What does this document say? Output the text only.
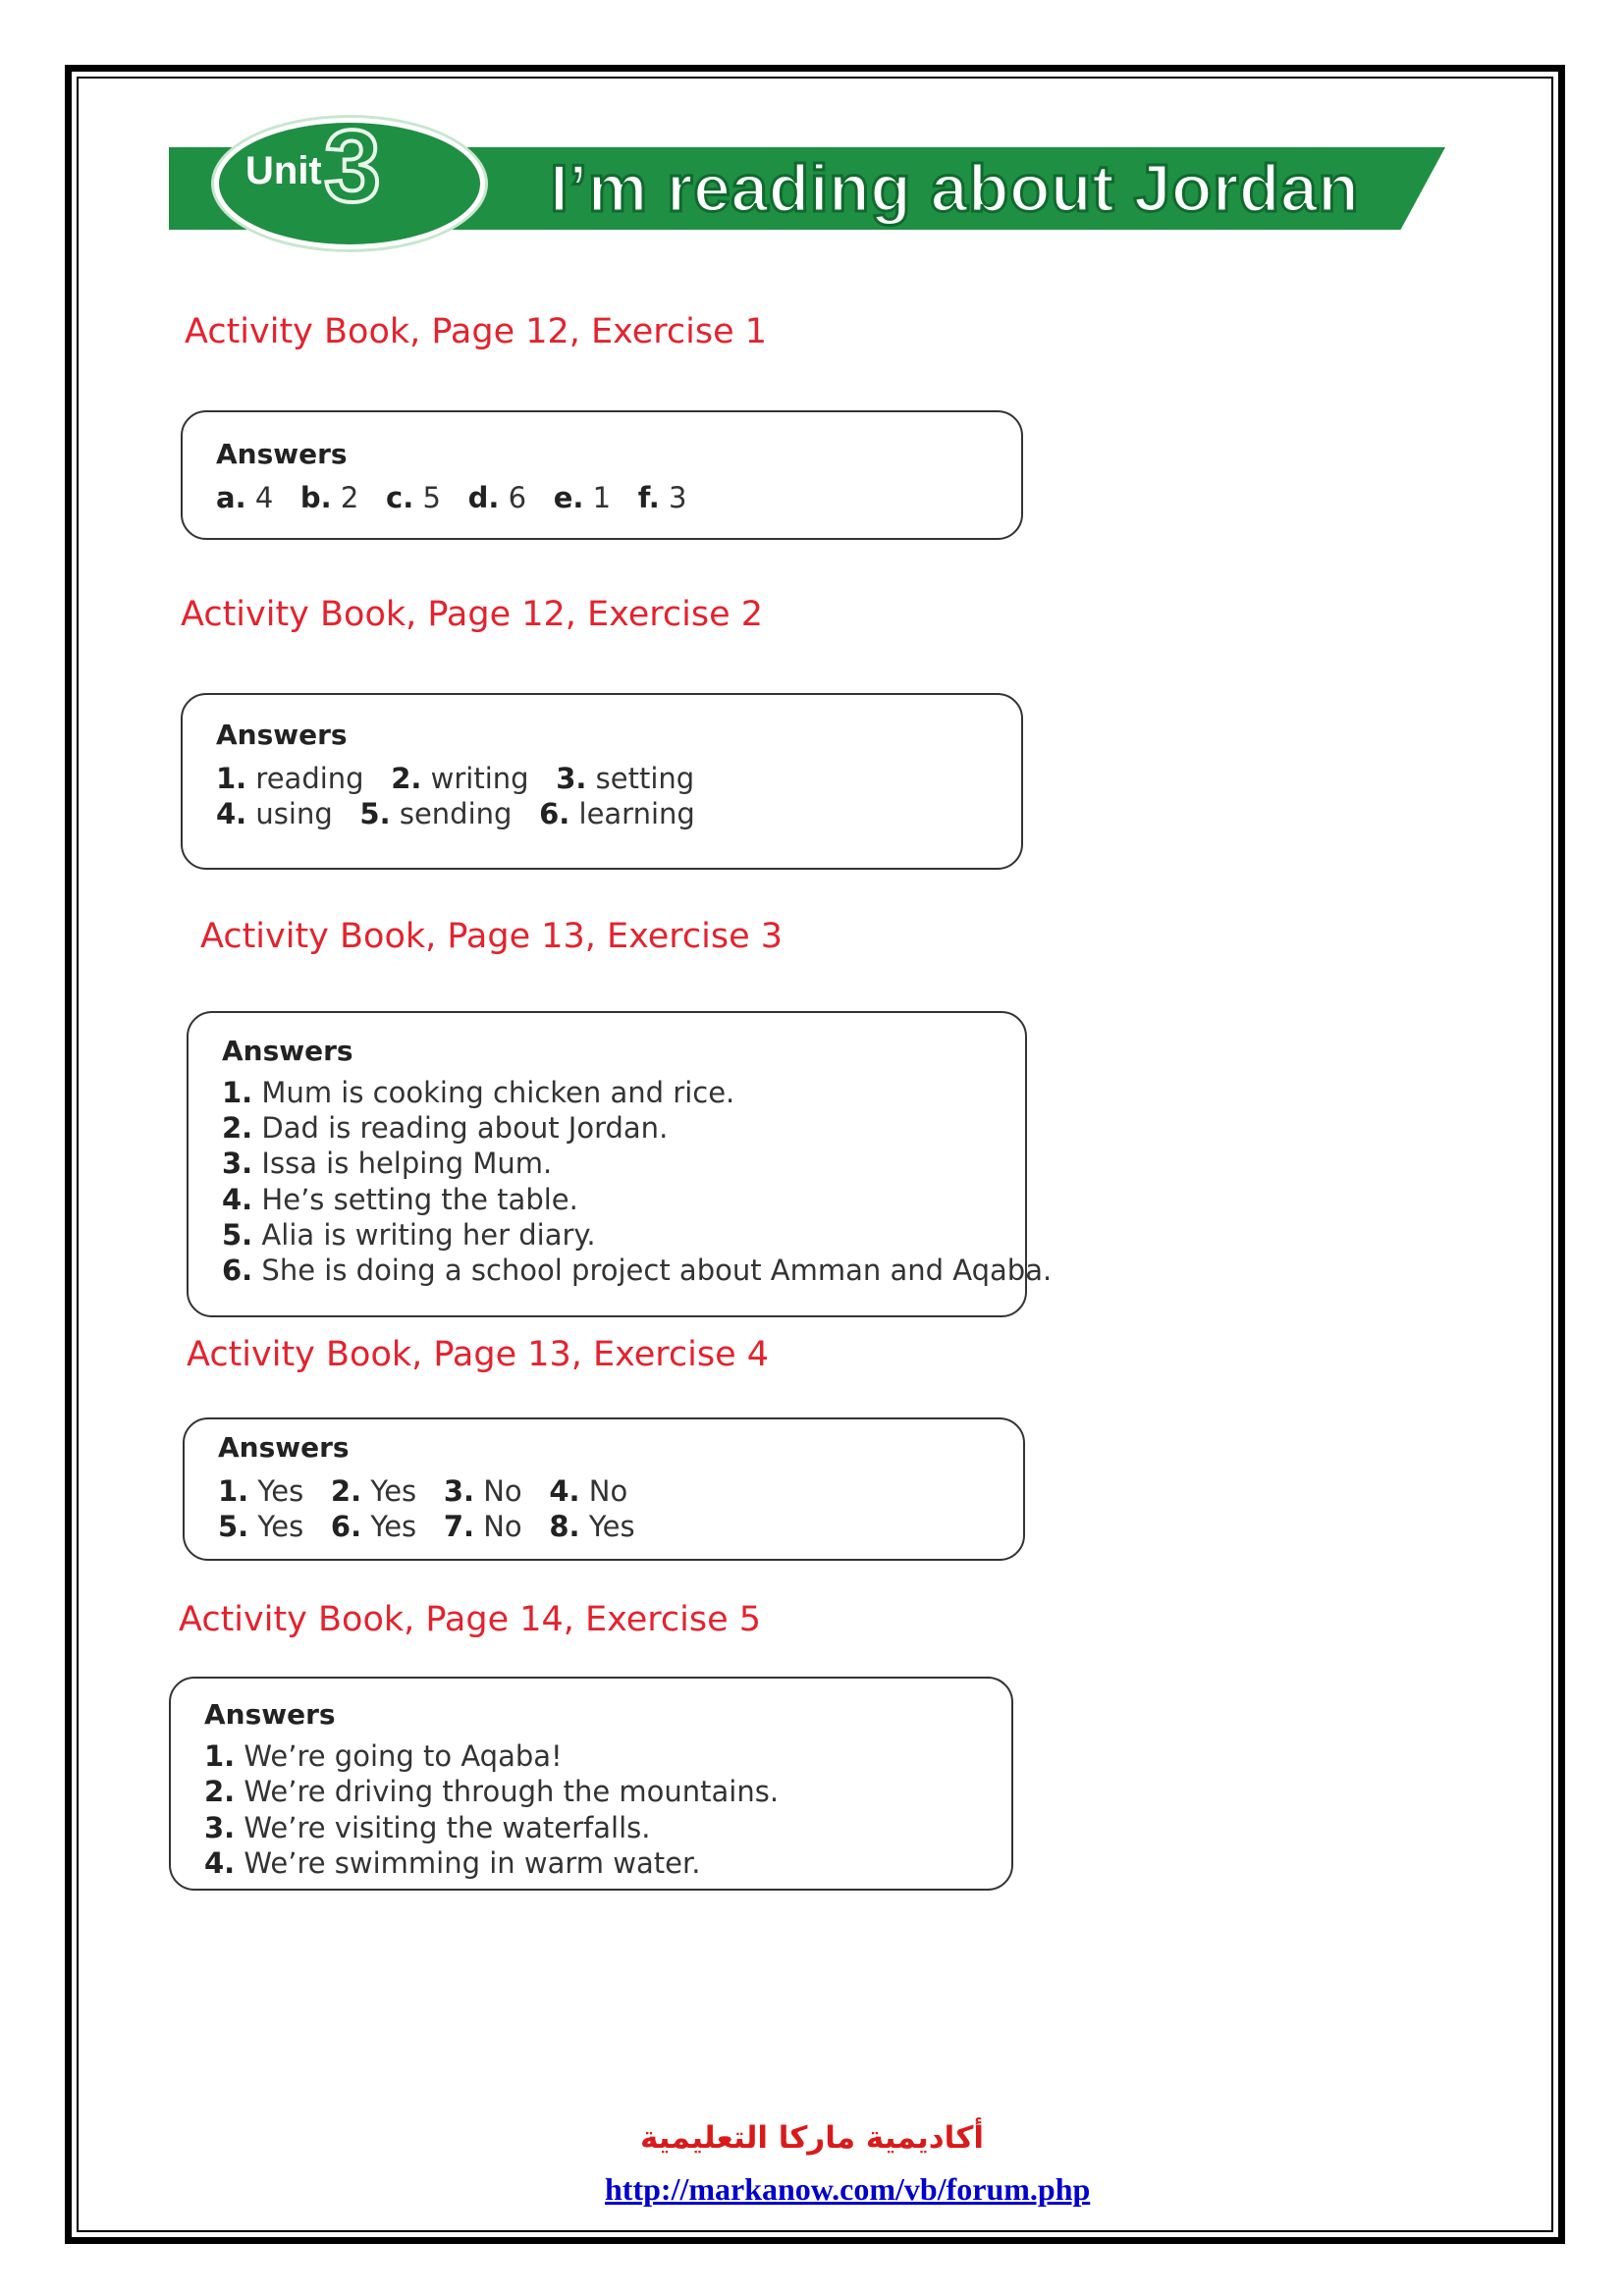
Unit 3	I’m reading about Jordan
Activity Book, Page 12, Exercise 1
Answers
a. 4 b. 2 c. 5 d. 6 e. 1 f. 3
Activity Book, Page 12, Exercise 2
Answers
1. reading 2. writing 3. setting
4. using 5. sending 6. learning
Activity Book, Page 13, Exercise 3
Answers
1. Mum is cooking chicken and rice.
2. Dad is reading about Jordan.
3. Issa is helping Mum.
4. He’s setting the table.
5. Alia is writing her diary.
6. She is doing a school project about Amman and Aqaba.
Activity Book, Page 13, Exercise 4
Answers
1. Yes 2. Yes 3. No 4. No
5. Yes 6. Yes 7. No 8. Yes
Activity Book, Page 14, Exercise 5
Answers
1. We’re going to Aqaba!
2. We’re driving through the mountains.
3. We’re visiting the waterfalls.
4. We’re swimming in warm water.
أكاديمية ماركا التعليمية
http://markanow.com/vb/forum.php
